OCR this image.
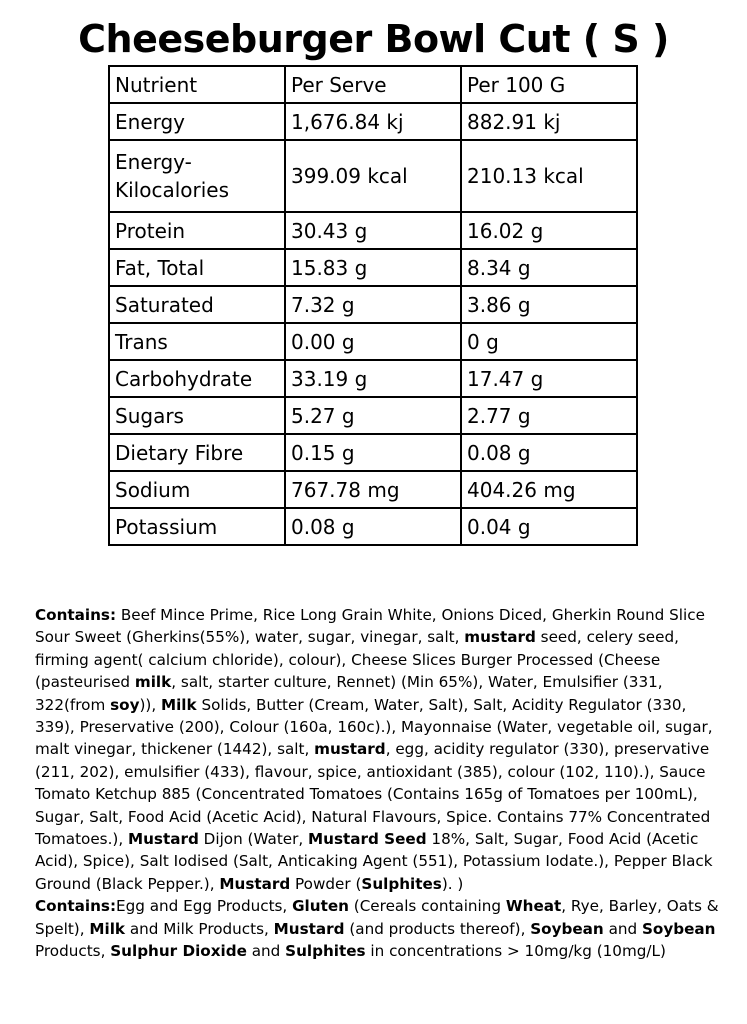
Cheeseburger Bowl Cut ( S )
Nutrient	Per Serve	Per 100 G
Energy	1,676.84 kj	882.91 kj
Energy-Kilocalories	399.09 kcal	210.13 kcal
Protein	30.43 g	16.02 g
Fat, Total	15.83 g	8.34 g
Saturated	7.32 g	3.86 g
Trans	0.00 g	0 g
Carbohydrate	33.19 g	17.47 g
Sugars	5.27 g	2.77 g
Dietary Fibre	0.15 g	0.08 g
Sodium	767.78 mg	404.26 mg
Potassium	0.08 g	0.04 g

Contains: Beef Mince Prime, Rice Long Grain White, Onions Diced, Gherkin Round Slice Sour Sweet (Gherkins(55%), water, sugar, vinegar, salt, mustard seed, celery seed, firming agent( calcium chloride), colour), Cheese Slices Burger Processed (Cheese (pasteurised milk, salt, starter culture, Rennet) (Min 65%), Water, Emulsifier (331, 322(from soy)), Milk Solids, Butter (Cream, Water, Salt), Salt, Acidity Regulator (330, 339), Preservative (200), Colour (160a, 160c).), Mayonnaise (Water, vegetable oil, sugar, malt vinegar, thickener (1442), salt, mustard, egg, acidity regulator (330), preservative (211, 202), emulsifier (433), flavour, spice, antioxidant (385), colour (102, 110).), Sauce Tomato Ketchup 885 (Concentrated Tomatoes (Contains 165g of Tomatoes per 100mL), Sugar, Salt, Food Acid (Acetic Acid), Natural Flavours, Spice. Contains 77% Concentrated Tomatoes.), Mustard Dijon (Water, Mustard Seed 18%, Salt, Sugar, Food Acid (Acetic Acid), Spice), Salt Iodised (Salt, Anticaking Agent (551), Potassium Iodate.), Pepper Black Ground (Black Pepper.), Mustard Powder (Sulphites). )

Contains:Egg and Egg Products, Gluten (Cereals containing Wheat, Rye, Barley, Oats & Spelt), Milk and Milk Products, Mustard (and products thereof), Soybean and Soybean Products, Sulphur Dioxide and Sulphites in concentrations > 10mg/kg (10mg/L)
